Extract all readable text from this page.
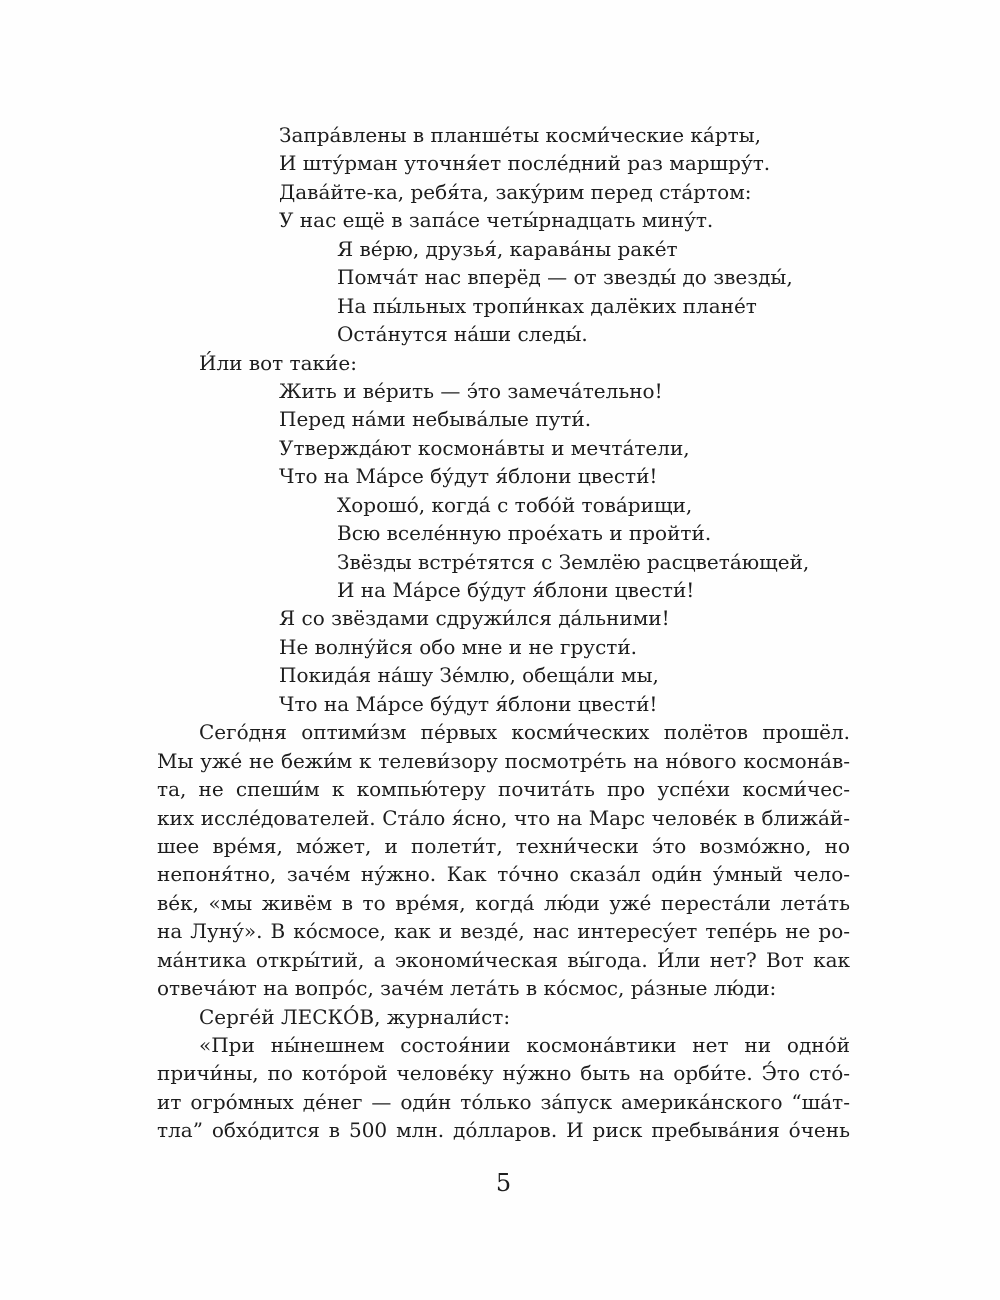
Запра́влены в планше́ты косми́ческие ка́рты,
И шту́рман уточня́ет после́дний раз маршру́т.
Дава́йте-ка, ребя́та, заку́рим перед ста́ртом:
У нас ещё в запа́се четы́рнадцать мину́т.
Я ве́рю, друзья́, карава́ны раке́т
Помча́т нас вперёд — от звезды́ до звезды́,
На пы́льных тропи́нках далёких плане́т
Оста́нутся на́ши следы́.
И́ли вот таки́е:
Жить и ве́рить — э́то замеча́тельно!
Перед на́ми небыва́лые пути́.
Утвержда́ют космона́вты и мечта́тели,
Что на Ма́рсе бу́дут я́блони цвести́!
Хорошо́, когда́ с тобо́й това́рищи,
Всю вселе́нную прое́хать и пройти́.
Звёзды встре́тятся с Землёю расцвета́ющей,
И на Ма́рсе бу́дут я́блони цвести́!
Я со звёздами сдружи́лся да́льними!
Не волну́йся обо мне и не грусти́.
Покида́я на́шу Зе́млю, обеща́ли мы,
Что на Ма́рсе бу́дут я́блони цвести́!
Сего́дня оптими́зм пе́рвых косми́ческих полётов прошёл.
Мы уже́ не бежи́м к телеви́зору посмотре́ть на но́вого космона́в-
та, не спеши́м к компью́теру почита́ть про успе́хи косми́чес-
ких иссле́дователей. Ста́ло я́сно, что на Марс челове́к в ближа́й-
шее вре́мя, мо́жет, и полети́т, техни́чески э́то возмо́жно, но
непоня́тно, заче́м ну́жно. Как то́чно сказа́л оди́н у́мный чело-
ве́к, «мы живём в то вре́мя, когда́ лю́ди уже́ переста́ли лета́ть
на Луну́». В ко́смосе, как и везде́, нас интересу́ет тепе́рь не ро-
ма́нтика откры́тий, а экономи́ческая вы́года. И́ли нет? Вот как
отвеча́ют на вопро́с, заче́м лета́ть в ко́смос, ра́зные лю́ди:
Серге́й ЛЕСКО́В, журнали́ст:
«При ны́нешнем состоя́нии космона́втики нет ни одно́й
причи́ны, по кото́рой челове́ку ну́жно быть на орби́те. Э́то сто́-
ит огро́мных де́нег — оди́н то́лько за́пуск америка́нского “ша́т-
тла” обхо́дится в 500 млн. до́лларов. И риск пребыва́ния о́чень
5
